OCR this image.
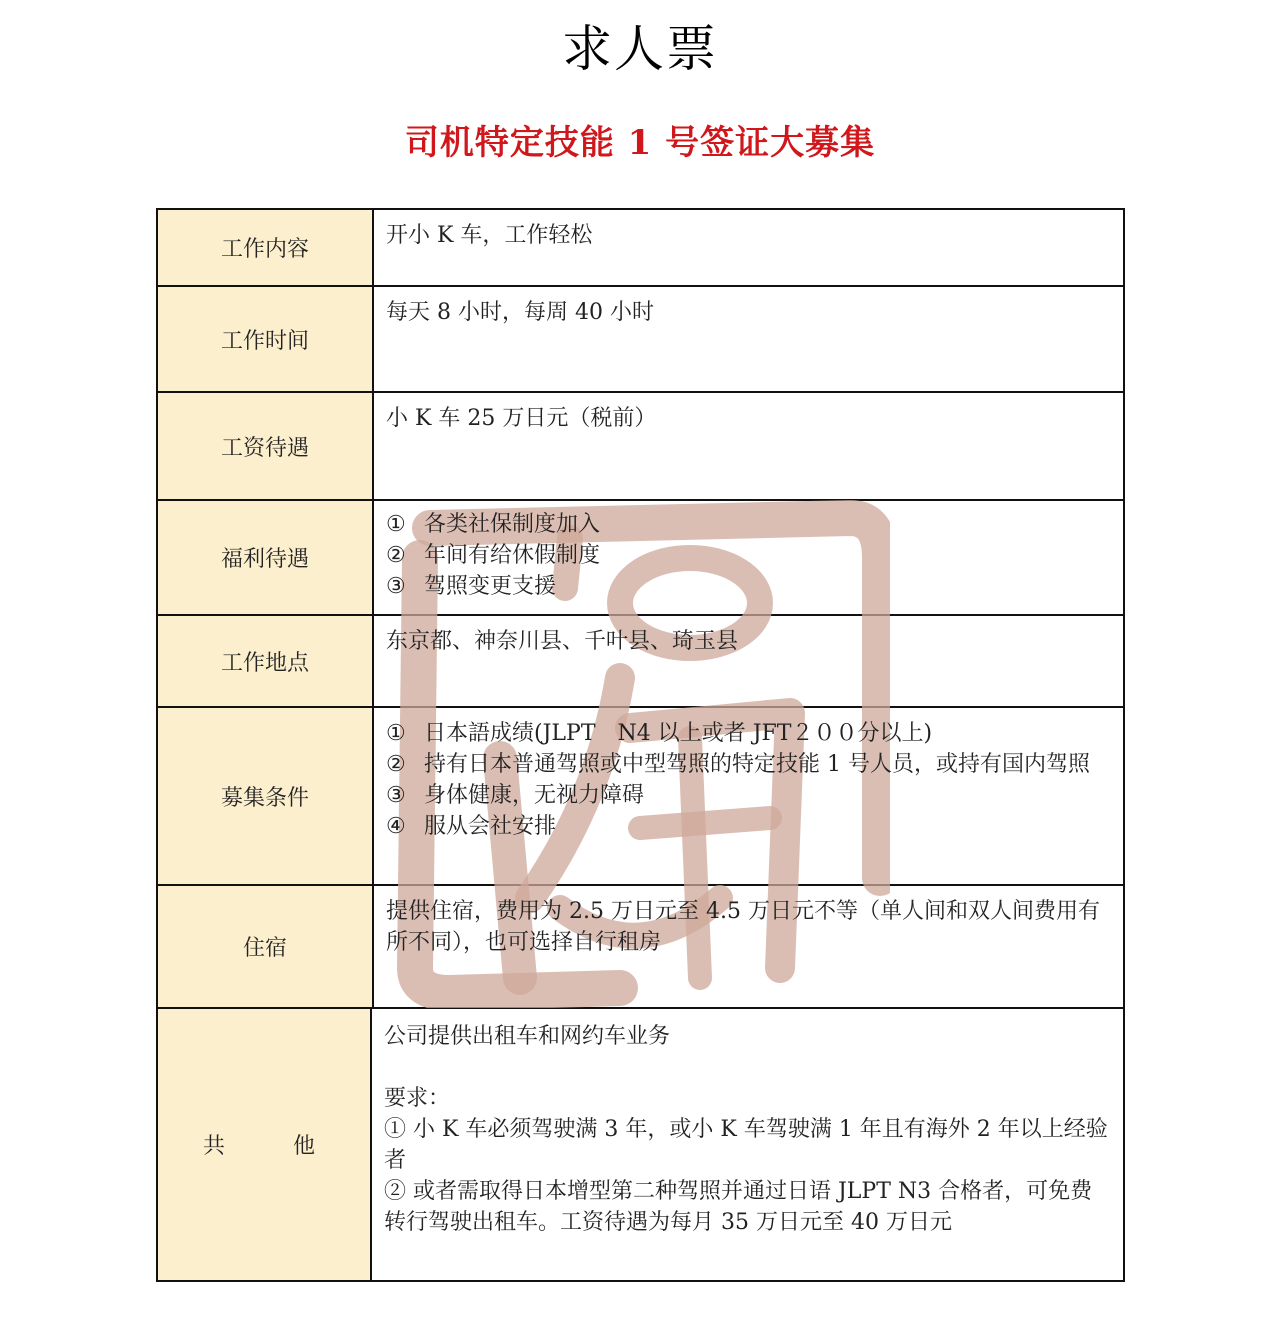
求人票
司机特定技能 1 号签证大募集
工作内容
开小 K 车，工作轻松
工作时间
每天 8 小时，每周 40 小时
工资待遇
小 K 车 25 万日元（税前）
福利待遇
① 各类社保制度加入
② 年间有给休假制度
③ 驾照变更支援
工作地点
东京都、神奈川县、千叶县、琦玉县
募集条件
① 日本語成绩(JLPT　N4 以上或者 JFT２００分以上)
② 持有日本普通驾照或中型驾照的特定技能 1 号人员，或持有国内驾照
③ 身体健康，无视力障碍
④ 服从会社安排
住宿
提供住宿，费用为 2.5 万日元至 4.5 万日元不等（单人间和双人间费用有所不同），也可选择自行租房
共	他
公司提供出租车和网约车业务
要求：
① 小 K 车必须驾驶满 3 年，或小 K 车驾驶满 1 年且有海外 2 年以上经验者
② 或者需取得日本增型第二种驾照并通过日语 JLPT N3 合格者，可免费转行驾驶出租车。工资待遇为每月 35 万日元至 40 万日元
